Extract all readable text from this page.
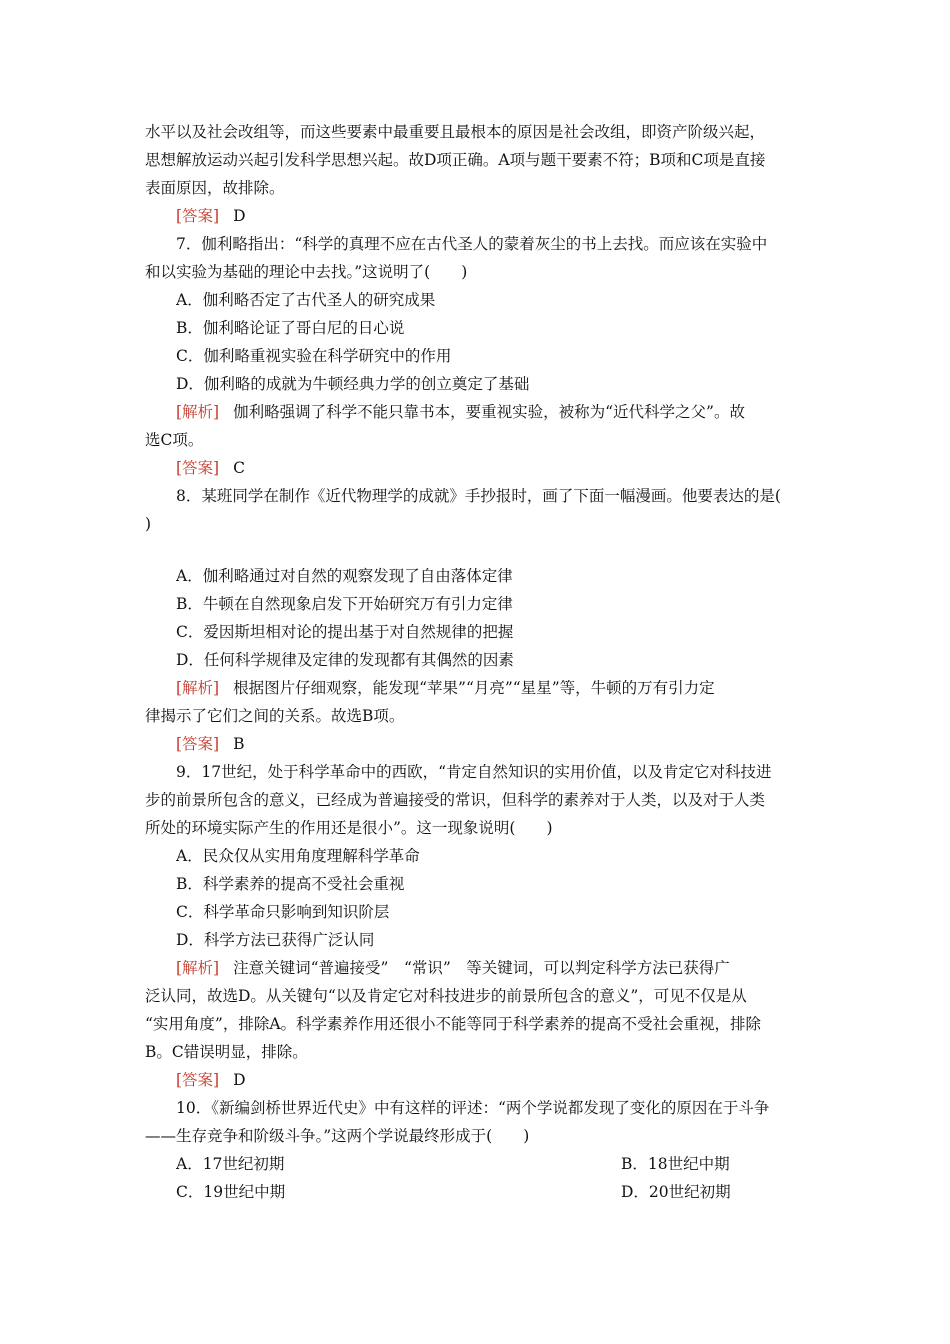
水平以及社会改组等，而这些要素中最重要且最根本的原因是社会改组，即资产阶级兴起，
思想解放运动兴起引发科学思想兴起。故D项正确。A项与题干要素不符；B项和C项是直接
表面原因，故排除。
[答案] D
7．伽利略指出：“科学的真理不应在古代圣人的蒙着灰尘的书上去找。而应该在实验中
和以实验为基础的理论中去找。”这说明了(　　)
A．伽利略否定了古代圣人的研究成果
B．伽利略论证了哥白尼的日心说
C．伽利略重视实验在科学研究中的作用
D．伽利略的成就为牛顿经典力学的创立奠定了基础
[解析] 伽利略强调了科学不能只靠书本，要重视实验，被称为“近代科学之父”。故
选C项。
[答案] C
8．某班同学在制作《近代物理学的成就》手抄报时，画了下面一幅漫画。他要表达的是(
)
A．伽利略通过对自然的观察发现了自由落体定律
B．牛顿在自然现象启发下开始研究万有引力定律
C．爱因斯坦相对论的提出基于对自然规律的把握
D．任何科学规律及定律的发现都有其偶然的因素
[解析] 根据图片仔细观察，能发现“苹果”“月亮”“星星”等，牛顿的万有引力定
律揭示了它们之间的关系。故选B项。
[答案] B
9．17世纪，处于科学革命中的西欧，“肯定自然知识的实用价值，以及肯定它对科技进
步的前景所包含的意义，已经成为普遍接受的常识，但科学的素养对于人类，以及对于人类
所处的环境实际产生的作用还是很小”。这一现象说明(　　)
A．民众仅从实用角度理解科学革命
B．科学素养的提高不受社会重视
C．科学革命只影响到知识阶层
D．科学方法已获得广泛认同
[解析] 注意关键词“普遍接受”　“常识”　等关键词，可以判定科学方法已获得广
泛认同，故选D。从关键句“以及肯定它对科技进步的前景所包含的意义”，可见不仅是从
“实用角度”，排除A。科学素养作用还很小不能等同于科学素养的提高不受社会重视，排除
B。C错误明显，排除。
[答案] D
10．《新编剑桥世界近代史》中有这样的评述：“两个学说都发现了变化的原因在于斗争
——生存竞争和阶级斗争。”这两个学说最终形成于(　　)
A．17世纪初期	B．18世纪中期
C．19世纪中期	D．20世纪初期
